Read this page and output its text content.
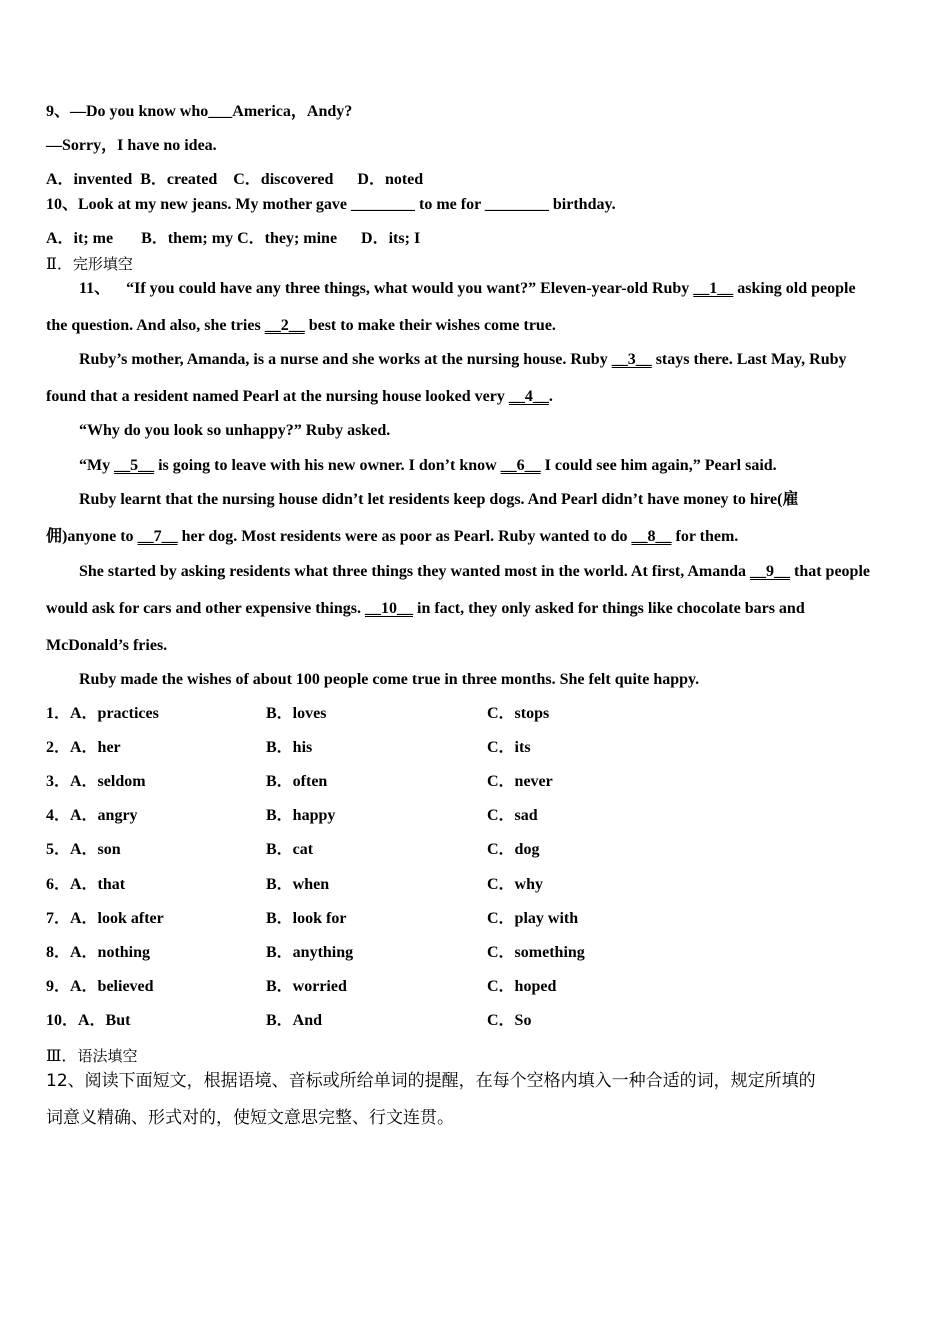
9、—Do you know who___America，Andy?
—Sorry，I have no idea.
A．invented  B．created    C．discovered      D．noted
10、Look at my new jeans. My mother gave ________ to me for ________ birthday.
A．it; me       B．them; my C．they; mine      D．its; I
Ⅱ．完形填空
11、    “If you could have any three things, what would you want?” Eleven-year-old Ruby __1__ asking old people
the question. And also, she tries __2__ best to make their wishes come true.
Ruby’s mother, Amanda, is a nurse and she works at the nursing house. Ruby __3__ stays there. Last May, Ruby
found that a resident named Pearl at the nursing house looked very __4__.
“Why do you look so unhappy?” Ruby asked.
“My __5__ is going to leave with his new owner. I don’t know __6__ I could see him again,” Pearl said.
Ruby learnt that the nursing house didn’t let residents keep dogs. And Pearl didn’t have money to hire(雇
佣)anyone to __7__ her dog. Most residents were as poor as Pearl. Ruby wanted to do __8__ for them.
She started by asking residents what three things they wanted most in the world. At first, Amanda __9__ that people
would ask for cars and other expensive things. __10__ in fact, they only asked for things like chocolate bars and
McDonald’s fries.
Ruby made the wishes of about 100 people come true in three months. She felt quite happy.
1．A．practices	B．loves	C．stops
2．A．her	B．his	C．its
3．A．seldom	B．often	C．never
4．A．angry	B．happy	C．sad
5．A．son	B．cat	C．dog
6．A．that	B．when	C．why
7．A．look after	B．look for	C．play with
8．A．nothing	B．anything	C．something
9．A．believed	B．worried	C．hoped
10．A．But	B．And	C．So
Ⅲ．语法填空
12、阅读下面短文，根据语境、音标或所给单词的提醒，在每个空格内填入一种合适的词，规定所填的
词意义精确、形式对的，使短文意思完整、行文连贯。
